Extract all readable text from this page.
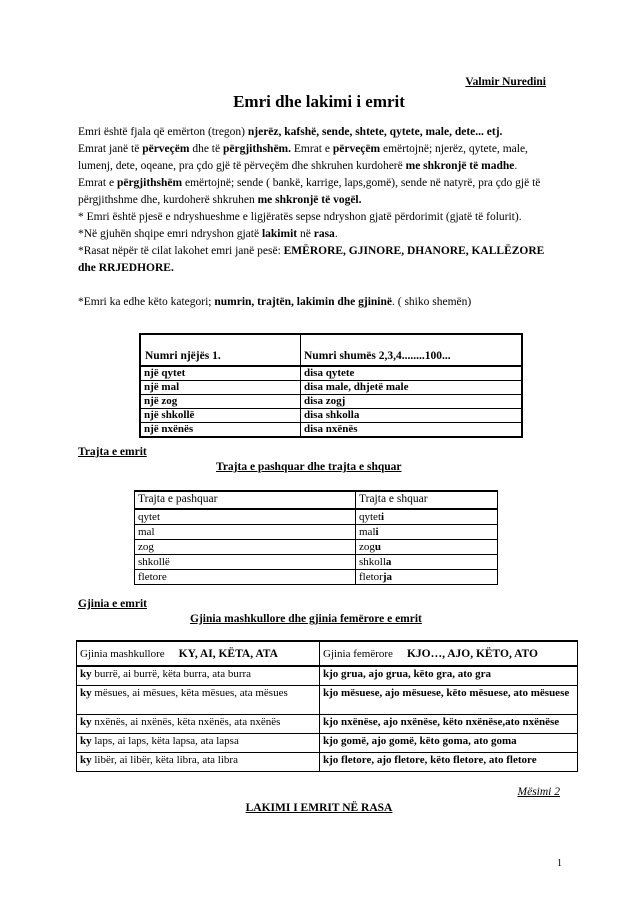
Valmir Nuredini
Emri dhe lakimi i emrit

Emri është fjala që emërton (tregon) njerëz, kafshë, sende, shtete, qytete, male, dete... etj.

Emrat janë të përveçëm dhe të përgjithshëm. Emrat e përveçëm emërtojnë; njerëz, qytete, male, lumenj, dete, oqeane, pra çdo gjë të përveçëm dhe shkruhen kurdoherë me shkronjë të madhe.

Emrat e përgjithshëm emërtojnë; sende ( bankë, karrige, laps,gomë), sende në natyrë, pra çdo gjë të përgjithshme dhe, kurdoherë shkruhen me shkronjë të vogël.

* Emri është pjesë e ndryshueshme e ligjëratës sepse ndryshon gjatë përdorimit (gjatë të folurit).

*Në gjuhën shqipe emri ndryshon gjatë lakimit në rasa.

*Rasat nëpër të cilat lakohet emri janë pesë: EMËRORE, GJINORE, DHANORE, KALLËZORE dhe RRJEDHORE.

*Emri ka edhe këto kategori; numrin, trajtën, lakimin dhe gjininë. ( shiko shemën)

Numri njëjës 1.	Numri shumës 2,3,4........100...
një qytet	disa qytete
një mal	disa male, dhjetë male
një zog	disa zogj
një shkollë	disa shkolla
një nxënës	disa nxënës
Trajta e emrit
Trajta e pashquar dhe trajta e shquar
Trajta e pashquar	Trajta e shquar
qytet	qyteti
mal	mali
zog	zogu
shkollë	shkolla
fletore	fletorja
Gjinia e emrit
Gjinia mashkullore dhe gjinia femërore e emrit
Gjinia mashkullore KY, AI, KËTA, ATA	Gjinia femërore KJO…, AJO, KËTO, ATO
ky burrë, ai burrë, këta burra, ata burra	kjo grua, ajo grua, këto gra, ato gra
ky mësues, ai mësues, këta mësues, ata mësues	kjo mësuese, ajo mësuese, këto mësuese, ato mësuese
ky nxënës, ai nxënës, këta nxënës, ata nxënës	kjo nxënëse, ajo nxënëse, këto nxënëse,ato nxënëse
ky laps, ai laps, këta lapsa, ata lapsa	kjo gomë, ajo gomë, këto goma, ato goma
ky libër, ai libër, këta libra, ata libra	kjo fletore, ajo fletore, këto fletore, ato fletore
Mësimi 2
LAKIMI I EMRIT NË RASA
1
